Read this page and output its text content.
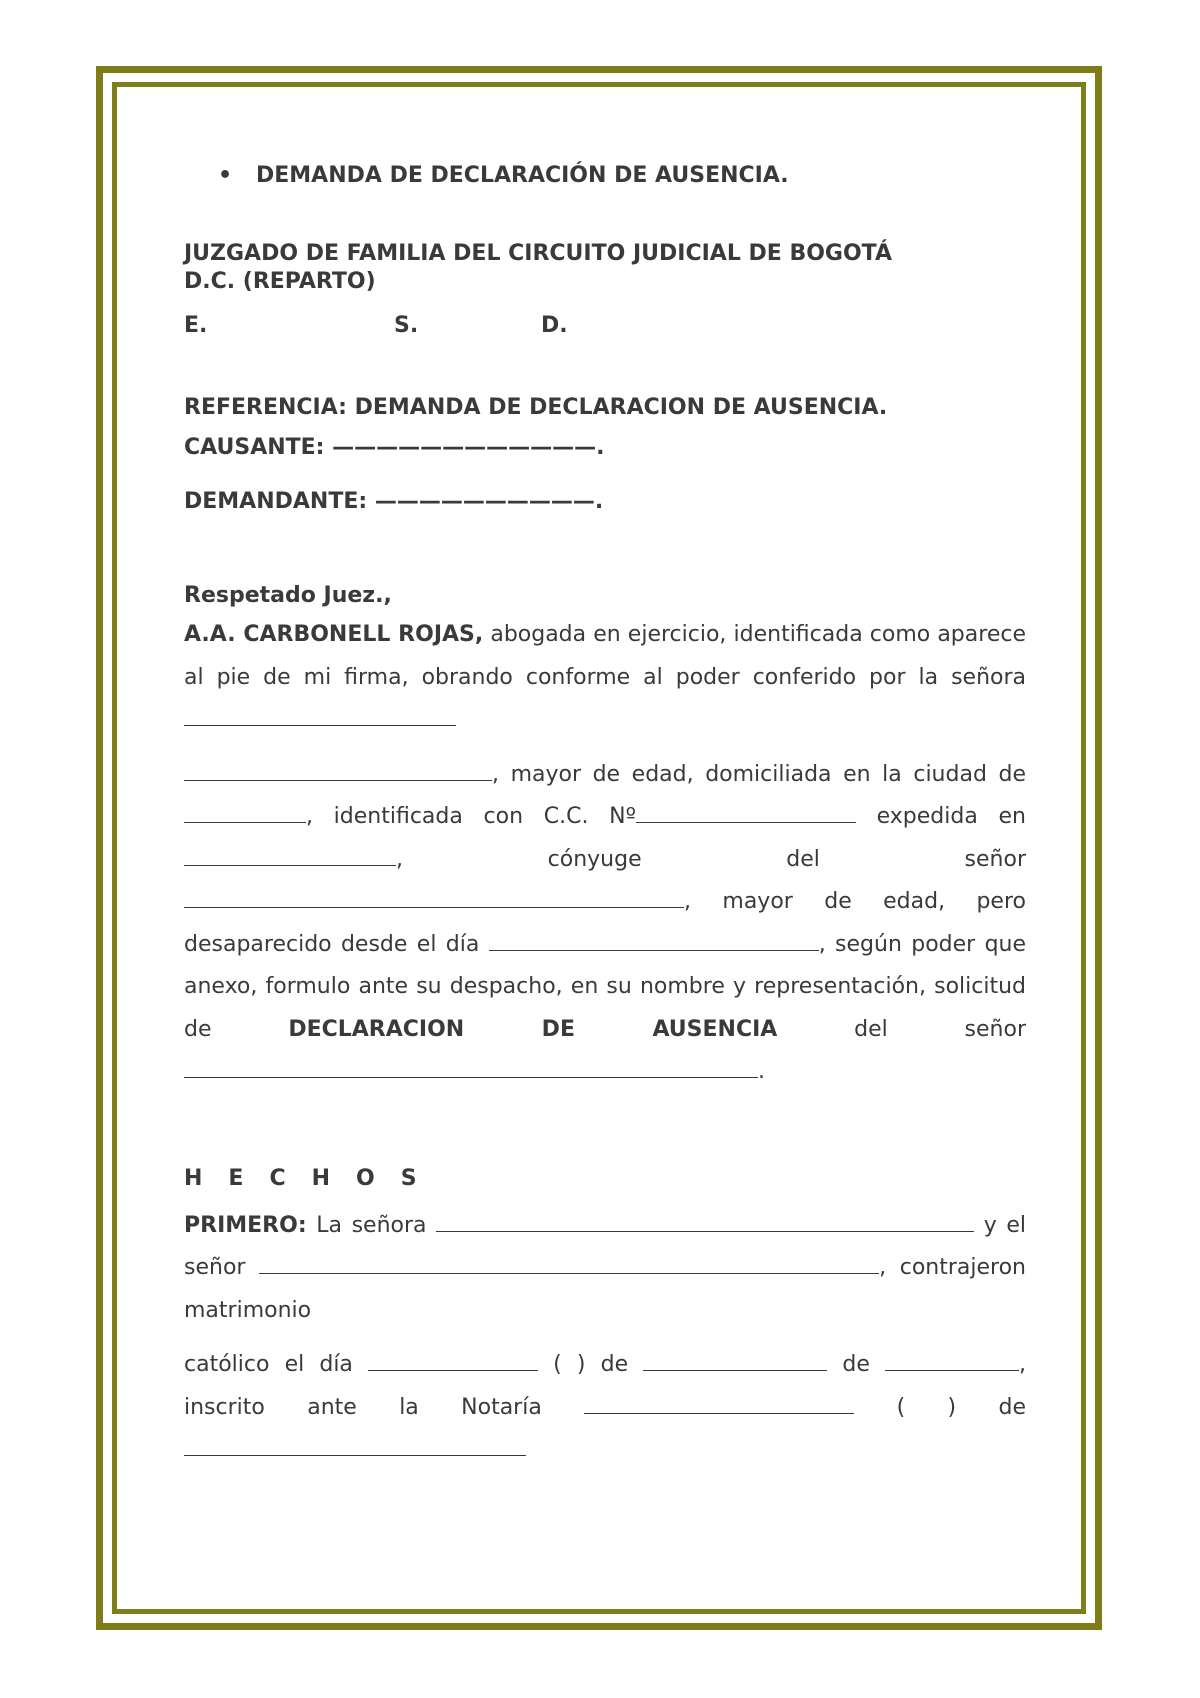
• DEMANDA DE DECLARACIÓN DE AUSENCIA.
JUZGADO DE FAMILIA DEL CIRCUITO JUDICIAL DE BOGOTÁ
D.C. (REPARTO)
E.	S.	D.
REFERENCIA: DEMANDA DE DECLARACION DE AUSENCIA.
CAUSANTE: ————————————.
DEMANDANTE: ——————————.
Respetado Juez.,
A.A. CARBONELL ROJAS, abogada en ejercicio, identificada como aparece al pie de mi firma, obrando conforme al poder conferido por la señora
, mayor de edad, domiciliada en la ciudad de , identificada con C.C. Nº	expedida en , cónyuge del señor , mayor de edad, pero desaparecido desde el día	, según poder que anexo, formulo ante su despacho, en su nombre y representación, solicitud de DECLARACION DE AUSENCIA del señor .
HECHOS
PRIMERO: La señora	y el señor	, contrajeron matrimonio
católico el día	( ) de	de	, inscrito ante la Notaría	( ) de
